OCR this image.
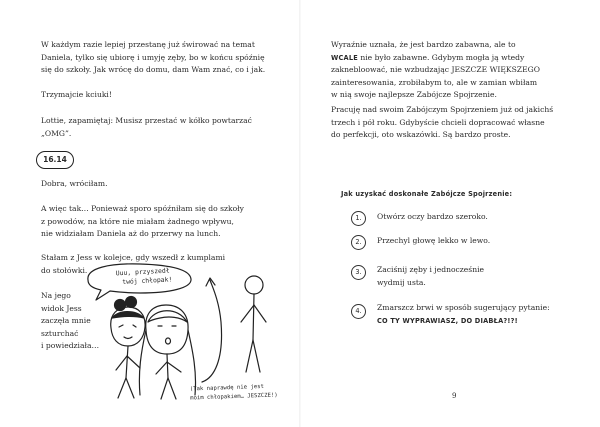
W każdym razie lepiej przestanę już świrować na temat
Daniela, tylko się ubiorę i umyję zęby, bo w końcu spóźnię
się do szkoły. Jak wrócę do domu, dam Wam znać, co i jak.
Trzymajcie kciuki!
Lottie, zapamiętaj: Musisz przestać w kółko powtarzać
„OMG”.
16.14
Dobra, wróciłam.
A więc tak… Ponieważ sporo spóźniłam się do szkoły
z powodów, na które nie miałam żadnego wpływu,
nie widziałam Daniela aż do przerwy na lunch.
Stałam z Jess w kolejce, gdy wszedł z kumplami
do stołówki.
Na jego
widok Jess
zaczęła mnie
szturchać
i powiedziała…
Uuu, przyszedł
twój chłopak!
(Tak naprawdę nie jest
moim chłopakiem… JESZCZE!)
Wyraźnie uznała, że jest bardzo zabawna, ale to
WCALE nie było zabawne. Gdybym mogła ją wtedy
zaknebloować, nie wzbudzając JESZCZE WIĘKSZEGO
zainteresowania, zrobiłabym to, ale w zamian wbiłam
w nią swoje najlepsze Zabójcze Spojrzenie.
Pracuję nad swoim Zabójczym Spojrzeniem już od jakichś
trzech i pół roku. Gdybyście chcieli dopracować własne
do perfekcji, oto wskazówki. Są bardzo proste.
Jak uzyskać doskonałe Zabójcze Spojrzenie:
1.	Otwórz oczy bardzo szeroko.
2.	Przechyl głowę lekko w lewo.
3.	Zaciśnij zęby i jednocześnie
wydmij usta.
4.	Zmarszcz brwi w sposób sugerujący pytanie:
CO TY WYPRAWIASZ, DO DIABŁA?!?!
9
